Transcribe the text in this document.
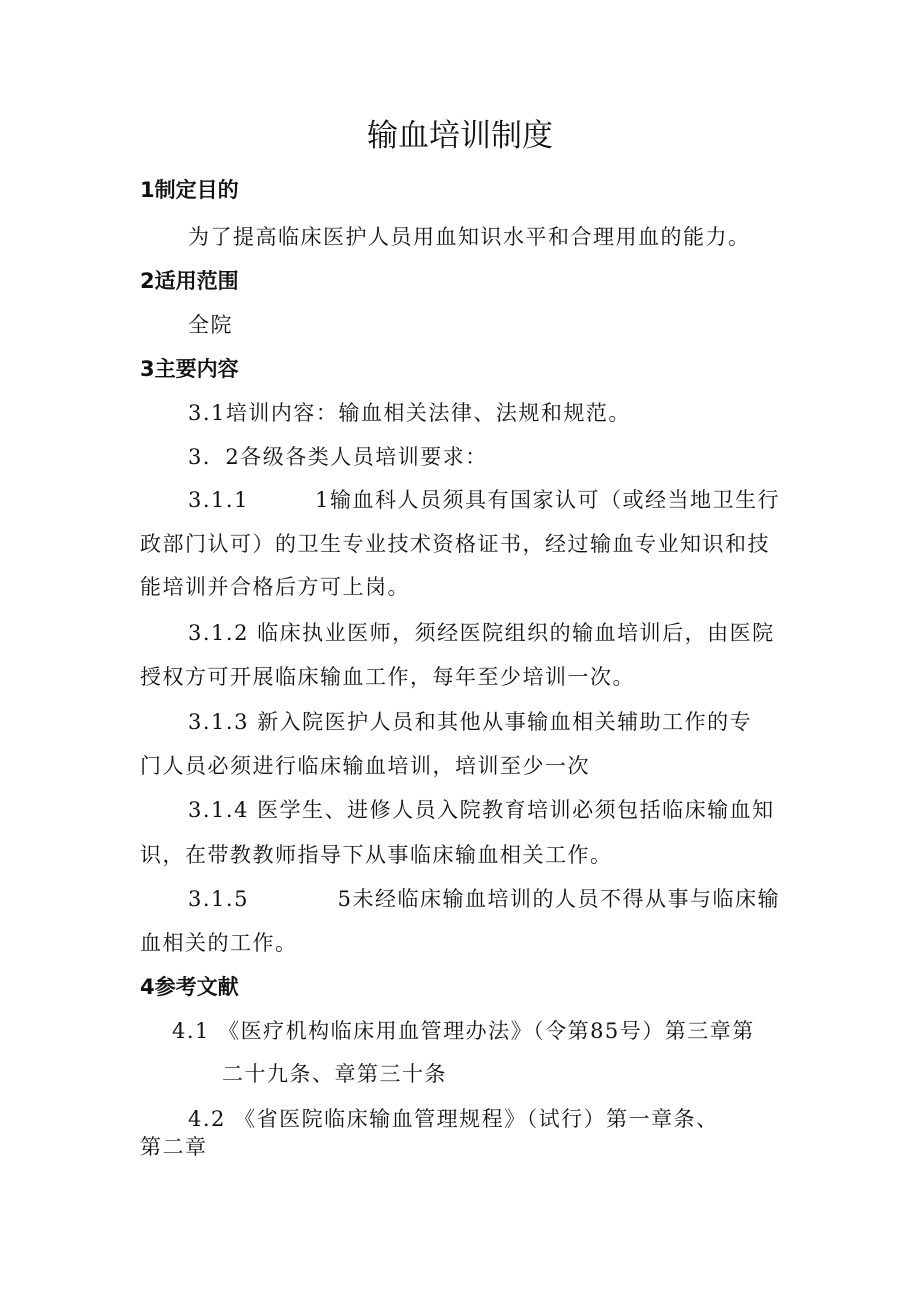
输血培训制度
1制定目的
为了提高临床医护人员用血知识水平和合理用血的能力。
2适用范围
全院
3主要内容
3.1培训内容：输血相关法律、法规和规范。
3．2各级各类人员培训要求：
3.1.1	1输血科人员须具有国家认可（或经当地卫生行
政部门认可）的卫生专业技术资格证书，经过输血专业知识和技
能培训并合格后方可上岗。
3.1.2 临床执业医师，须经医院组织的输血培训后，由医院
授权方可开展临床输血工作，每年至少培训一次。
3.1.3 新入院医护人员和其他从事输血相关辅助工作的专
门人员必须进行临床输血培训，培训至少一次
3.1.4 医学生、进修人员入院教育培训必须包括临床输血知
识，在带教教师指导下从事临床输血相关工作。
3.1.5	5未经临床输血培训的人员不得从事与临床输
血相关的工作。
4参考文献
4.1 《医疗机构临床用血管理办法》（令第85号）第三章第
二十九条、章第三十条
4.2 《省医院临床输血管理规程》（试行）第一章条、
第二章
